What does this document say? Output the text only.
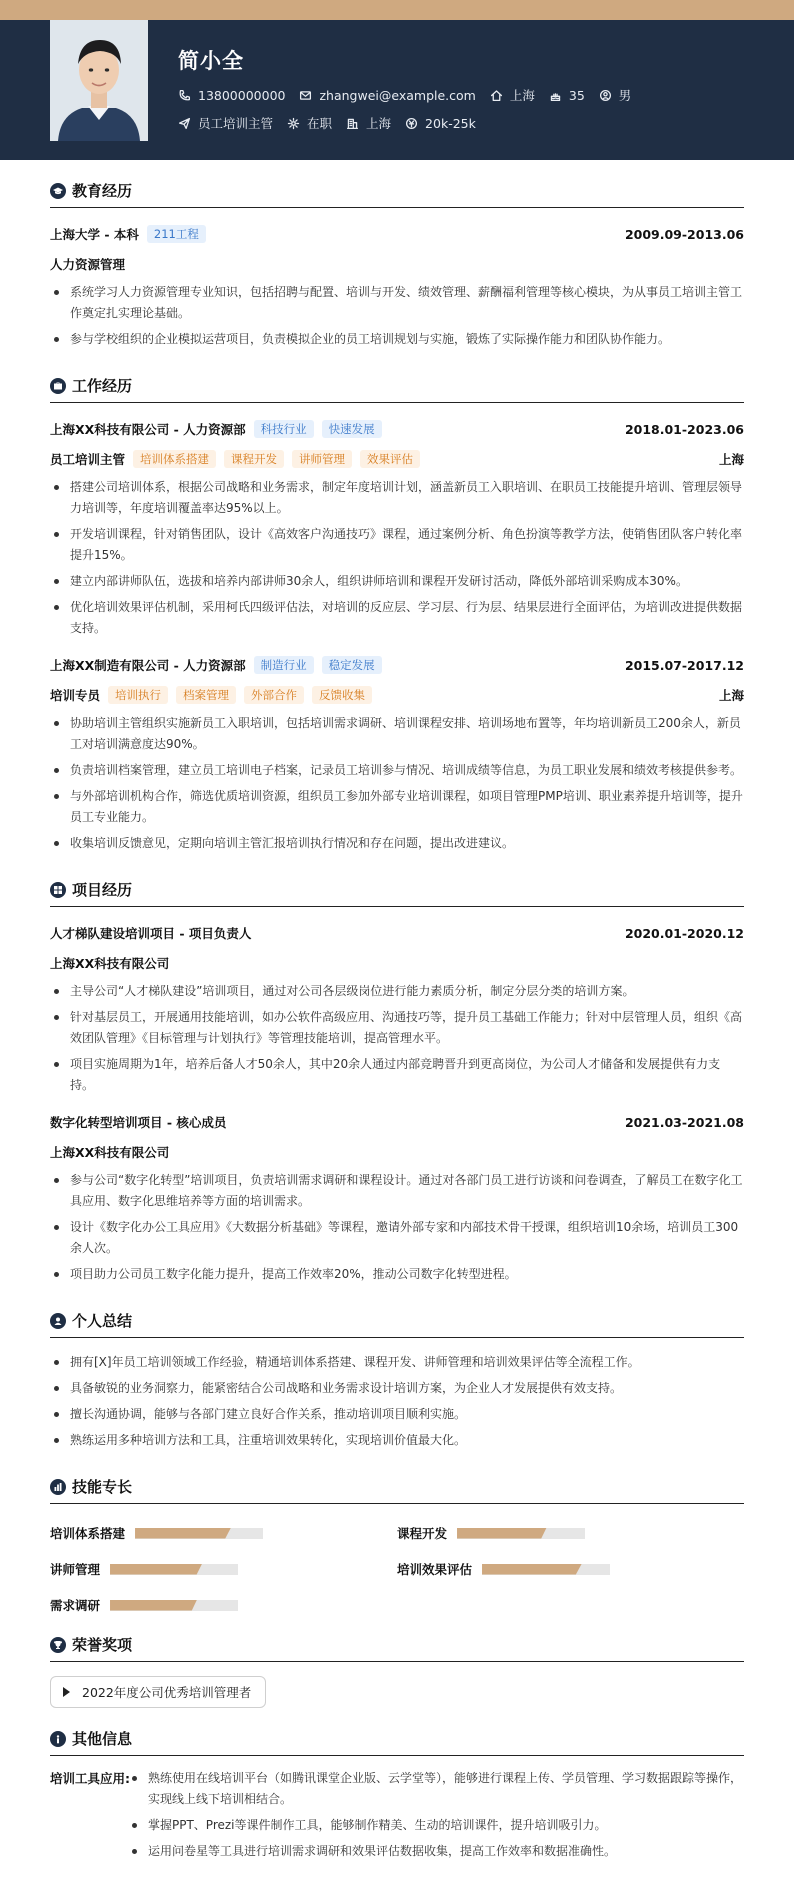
简小全
13800000000	zhangwei@example.com	上海	35	男
员工培训主管	在职	上海	20k-25k
教育经历
上海大学 - 本科	211工程	2009.09-2013.06
人力资源管理
系统学习人力资源管理专业知识，包括招聘与配置、培训与开发、绩效管理、薪酬福利管理等核心模块，为从事员工培训主管工作奠定扎实理论基础。
参与学校组织的企业模拟运营项目，负责模拟企业的员工培训规划与实施，锻炼了实际操作能力和团队协作能力。
工作经历
上海XX科技有限公司 - 人力资源部	科技行业	快速发展	2018.01-2023.06
员工培训主管	培训体系搭建	课程开发	讲师管理	效果评估	上海
搭建公司培训体系，根据公司战略和业务需求，制定年度培训计划，涵盖新员工入职培训、在职员工技能提升培训、管理层领导力培训等，年度培训覆盖率达95%以上。
开发培训课程，针对销售团队，设计《高效客户沟通技巧》课程，通过案例分析、角色扮演等教学方法，使销售团队客户转化率提升15%。
建立内部讲师队伍，选拔和培养内部讲师30余人，组织讲师培训和课程开发研讨活动，降低外部培训采购成本30%。
优化培训效果评估机制，采用柯氏四级评估法，对培训的反应层、学习层、行为层、结果层进行全面评估，为培训改进提供数据支持。
上海XX制造有限公司 - 人力资源部	制造行业	稳定发展	2015.07-2017.12
培训专员	培训执行	档案管理	外部合作	反馈收集	上海
协助培训主管组织实施新员工入职培训，包括培训需求调研、培训课程安排、培训场地布置等，年均培训新员工200余人，新员工对培训满意度达90%。
负责培训档案管理，建立员工培训电子档案，记录员工培训参与情况、培训成绩等信息，为员工职业发展和绩效考核提供参考。
与外部培训机构合作，筛选优质培训资源，组织员工参加外部专业培训课程，如项目管理PMP培训、职业素养提升培训等，提升员工专业能力。
收集培训反馈意见，定期向培训主管汇报培训执行情况和存在问题，提出改进建议。
项目经历
人才梯队建设培训项目 - 项目负责人	2020.01-2020.12
上海XX科技有限公司
主导公司“人才梯队建设”培训项目，通过对公司各层级岗位进行能力素质分析，制定分层分类的培训方案。
针对基层员工，开展通用技能培训，如办公软件高级应用、沟通技巧等，提升员工基础工作能力；针对中层管理人员，组织《高效团队管理》《目标管理与计划执行》等管理技能培训，提高管理水平。
项目实施周期为1年，培养后备人才50余人，其中20余人通过内部竞聘晋升到更高岗位，为公司人才储备和发展提供有力支持。
数字化转型培训项目 - 核心成员	2021.03-2021.08
上海XX科技有限公司
参与公司“数字化转型”培训项目，负责培训需求调研和课程设计。通过对各部门员工进行访谈和问卷调查，了解员工在数字化工具应用、数字化思维培养等方面的培训需求。
设计《数字化办公工具应用》《大数据分析基础》等课程，邀请外部专家和内部技术骨干授课，组织培训10余场，培训员工300余人次。
项目助力公司员工数字化能力提升，提高工作效率20%，推动公司数字化转型进程。
个人总结
拥有[X]年员工培训领域工作经验，精通培训体系搭建、课程开发、讲师管理和培训效果评估等全流程工作。
具备敏锐的业务洞察力，能紧密结合公司战略和业务需求设计培训方案，为企业人才发展提供有效支持。
擅长沟通协调，能够与各部门建立良好合作关系，推动培训项目顺利实施。
熟练运用多种培训方法和工具，注重培训效果转化，实现培训价值最大化。
技能专长
培训体系搭建	课程开发
讲师管理	培训效果评估
需求调研
荣誉奖项
2022年度公司优秀培训管理者
其他信息
培训工具应用:	熟练使用在线培训平台（如腾讯课堂企业版、云学堂等），能够进行课程上传、学员管理、学习数据跟踪等操作，实现线上线下培训相结合。
掌握PPT、Prezi等课件制作工具，能够制作精美、生动的培训课件，提升培训吸引力。
运用问卷星等工具进行培训需求调研和效果评估数据收集，提高工作效率和数据准确性。
